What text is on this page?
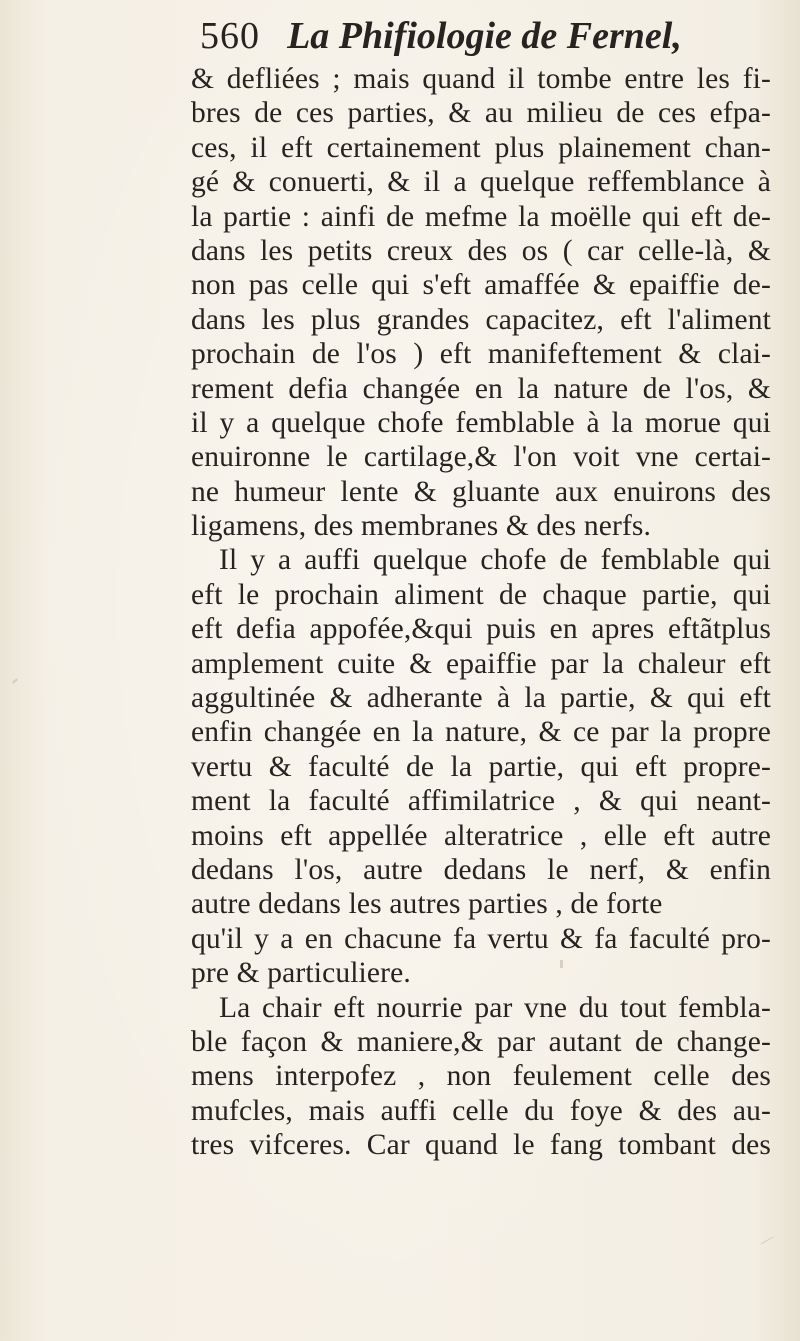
560 La Phifiologie de Fernel,
& defliées ; mais quand il tombe entre les fi-
bres de ces parties, & au milieu de ces efpa-
ces, il eft certainement plus plainement chan-
gé & conuerti, & il a quelque reffemblance à
la partie : ainfi de mefme la moëlle qui eft de-
dans les petits creux des os ( car celle-là, &
non pas celle qui s'eft amaffée & epaiffie de-
dans les plus grandes capacitez, eft l'aliment
prochain de l'os ) eft manifeftement & clai-
rement defia changée en la nature de l'os, &
il y a quelque chofe femblable à la morue qui
enuironne le cartilage,& l'on voit vne certai-
ne humeur lente & gluante aux enuirons des
ligamens, des membranes & des nerfs.
Il y a auffi quelque chofe de femblable qui
eft le prochain aliment de chaque partie, qui
eft defia appofée,&qui puis en apres eftãtplus
amplement cuite & epaiffie par la chaleur eft
aggultinée & adherante à la partie, & qui eft
enfin changée en la nature, & ce par la propre
vertu & faculté de la partie, qui eft propre-
ment la faculté affimilatrice , & qui neant-
moins eft appellée alteratrice , elle eft autre
dedans l'os, autre dedans le nerf, & enfin
autre dedans les autres parties , de forte
qu'il y a en chacune fa vertu & fa faculté pro-
pre & particuliere.
La chair eft nourrie par vne du tout fembla-
ble façon & maniere,& par autant de change-
mens interpofez , non feulement celle des
mufcles, mais auffi celle du foye & des au-
tres vifceres. Car quand le fang tombant des
